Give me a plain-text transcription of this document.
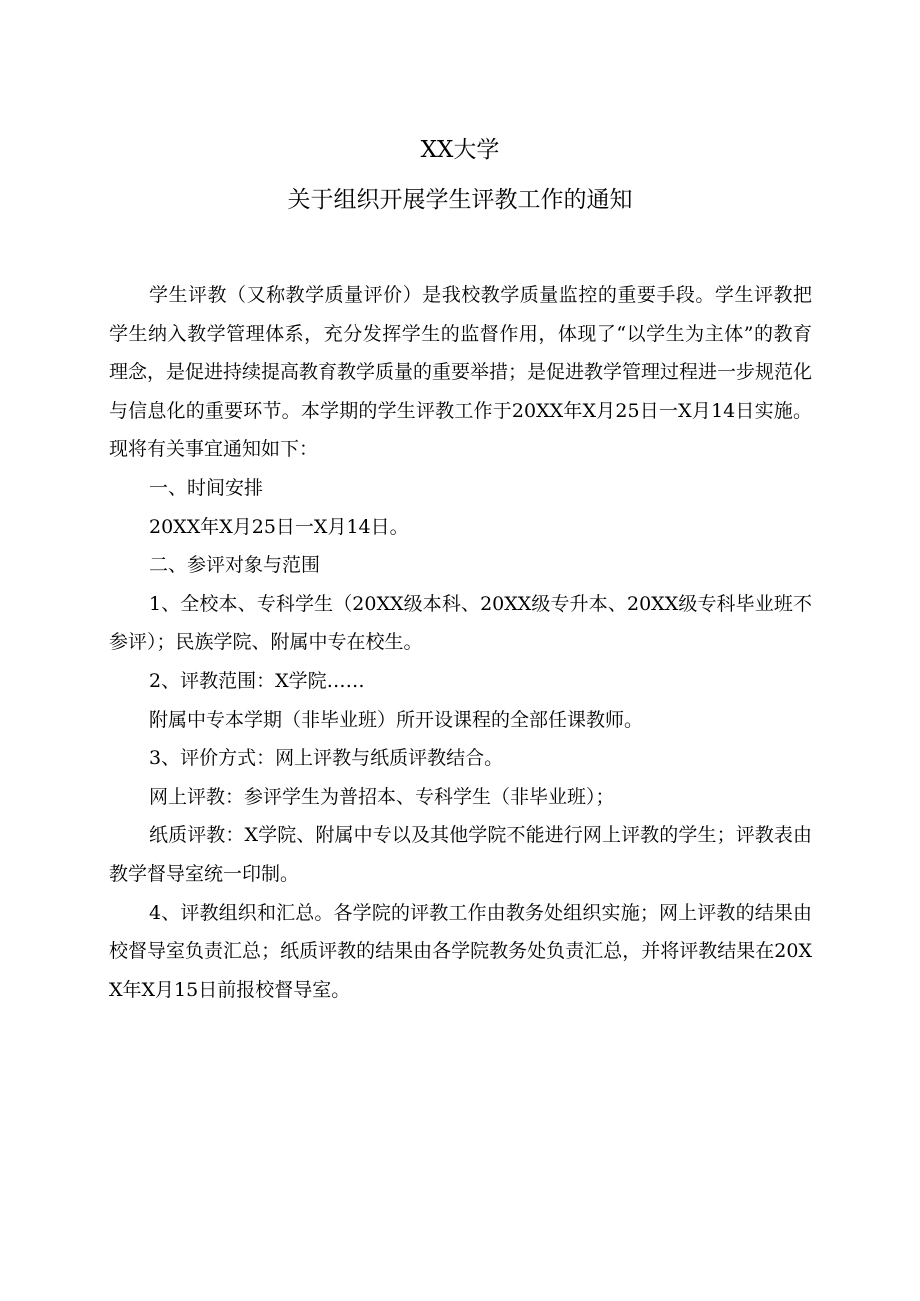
XX大学
关于组织开展学生评教工作的通知

学生评教（又称教学质量评价）是我校教学质量监控的重要手段。学生评教把学生纳入教学管理体系，充分发挥学生的监督作用，体现了“以学生为主体”的教育理念，是促进持续提高教育教学质量的重要举措；是促进教学管理过程进一步规范化与信息化的重要环节。本学期的学生评教工作于20XX年X月25日一X月14日实施。现将有关事宜通知如下：

一、时间安排

20XX年X月25日一X月14日。

二、参评对象与范围

1、全校本、专科学生（20XX级本科、20XX级专升本、20XX级专科毕业班不参评）；民族学院、附属中专在校生。

2、评教范围：X学院……

附属中专本学期（非毕业班）所开设课程的全部任课教师。

3、评价方式：网上评教与纸质评教结合。

网上评教：参评学生为普招本、专科学生（非毕业班）；

纸质评教：X学院、附属中专以及其他学院不能进行网上评教的学生；评教表由教学督导室统一印制。

4、评教组织和汇总。各学院的评教工作由教务处组织实施；网上评教的结果由校督导室负责汇总；纸质评教的结果由各学院教务处负责汇总，并将评教结果在20XX年X月15日前报校督导室。
